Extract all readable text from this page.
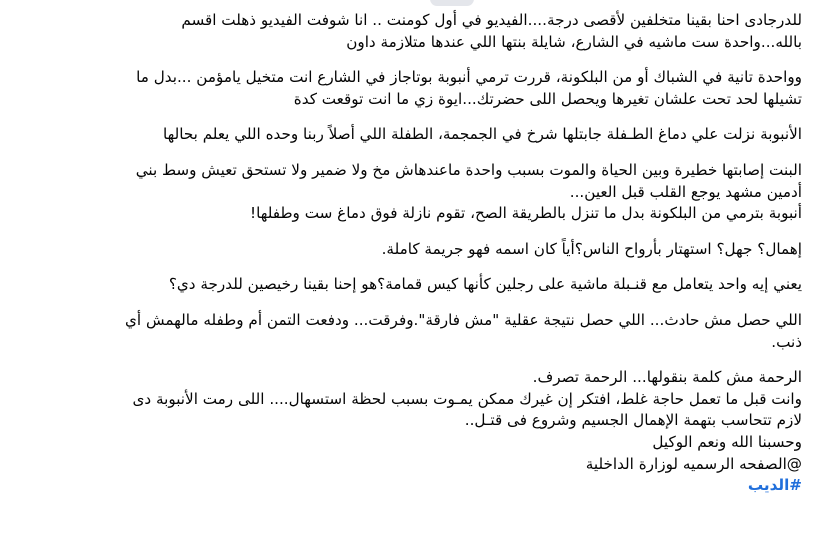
للدرجادى احنا بقينا متخلفين لأقصى درجة....الفيديو في أول كومنت .. انا شوفت الفيديو ذهلت اقسم
بالله...واحدة ست ماشيه في الشارع، شايلة بنتها اللي عندها متلازمة داون

وواحدة تانية في الشباك أو من البلكونة، قررت ترمي أنبوبة بوتاجاز في الشارع انت متخيل يامؤمن ...بدل ما
تشيلها لحد تحت علشان تغيرها ويحصل اللى حضرتك...ايوة زي ما انت توقعت كدة

الأنبوبة نزلت علي دماغ الطـفلة جابتلها شرخ في الجمجمة، الطفلة اللي أصلاً ربنا وحده اللي يعلم بحالها

البنت إصابتها خطيرة وبين الحياة والموت بسبب واحدة ماعندهاش مخ ولا ضمير ولا تستحق تعيش وسط بني
أدمين مشهد يوجع القلب قبل العين...
أنبوبة بترمي من البلكونة بدل ما تنزل بالطريقة الصح، تقوم نازلة فوق دماغ ست وطفلها!

إهمال؟ جهل؟ استهتار بأرواح الناس؟أياً كان اسمه فهو جريمة كاملة.

يعني إيه واحد يتعامل مع قنـبلة ماشية على رجلين كأنها كيس قمامة؟هو إحنا بقينا رخيصين للدرجة دي؟

اللي حصل مش حادث... اللي حصل نتيجة عقلية "مش فارقة".وفرقت... ودفعت التمن أم وطفله مالهمش أي
ذنب.

الرحمة مش كلمة بنقولها... الرحمة تصرف.
وانت قبل ما تعمل حاجة غلط، افتكر إن غيرك ممكن يمـوت بسبب لحظة استسهال.... اللى رمت الأنبوبة دى
لازم تتحاسب بتهمة الإهمال الجسيم وشروع فى قتـل..
وحسبنا الله ونعم الوكيل
@الصفحه الرسميه لوزارة الداخلية
#الديب
